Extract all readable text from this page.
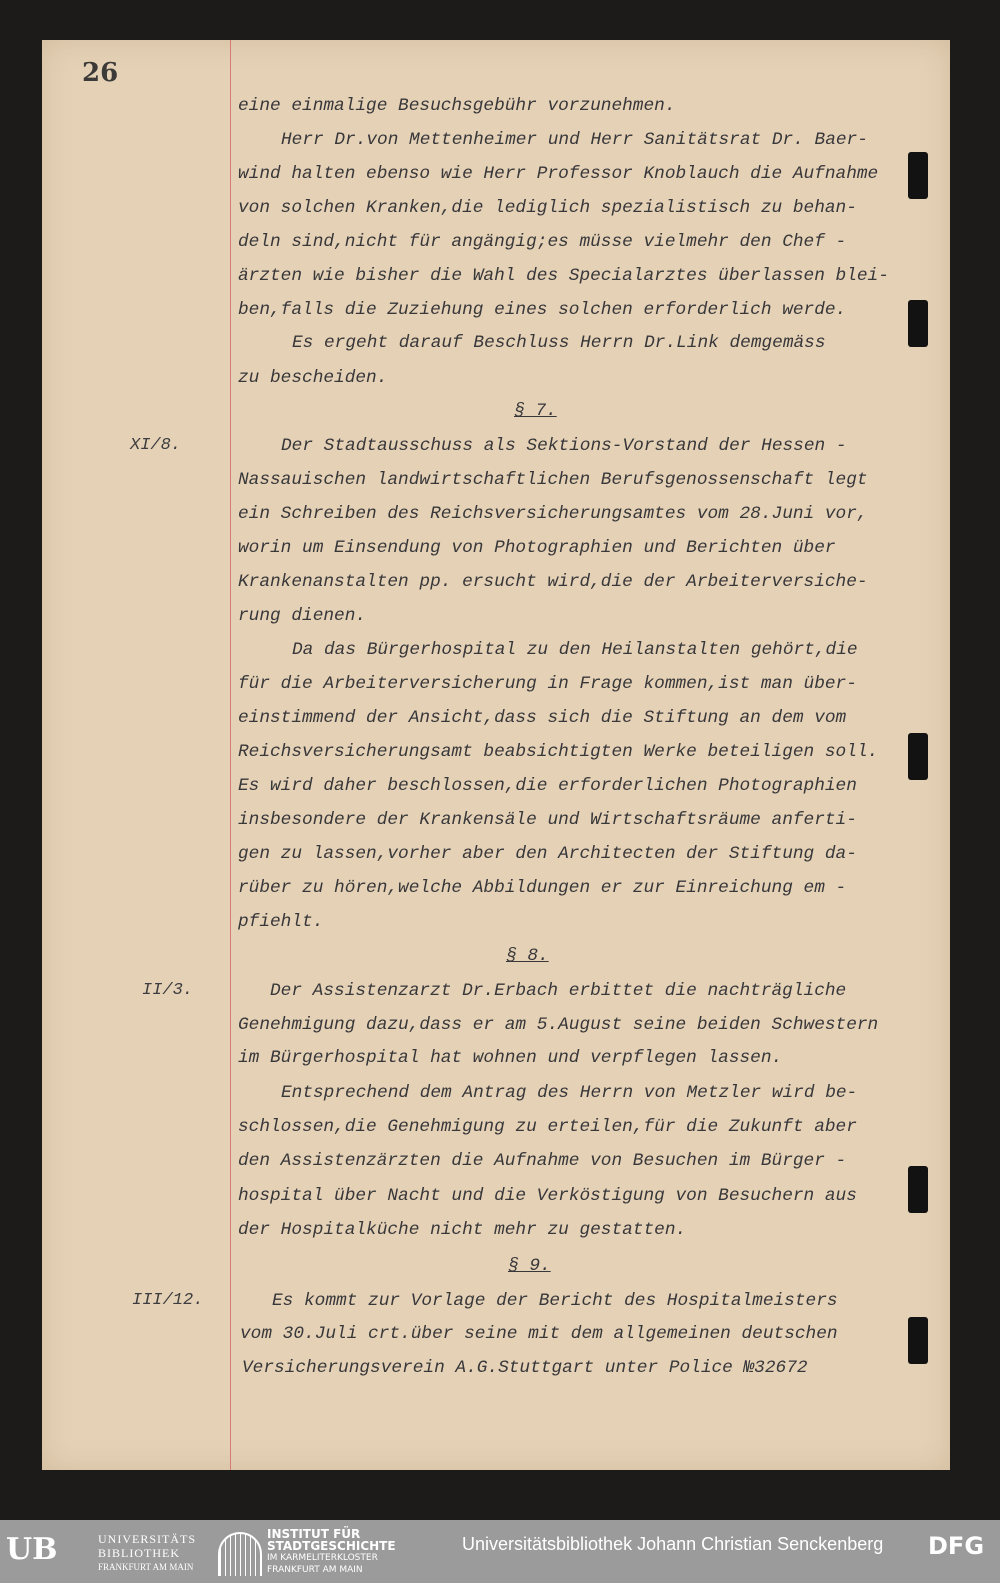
26
eine einmalige Besuchsgebühr vorzunehmen.
Herr Dr.von Mettenheimer und Herr Sanitätsrat Dr. Baer-
wind halten ebenso wie Herr Professor Knoblauch die Aufnahme
von solchen Kranken,die lediglich spezialistisch zu behan-
deln sind,nicht für angängig;es müsse vielmehr den Chef -
ärzten wie bisher die Wahl des Specialarztes überlassen blei-
ben,falls die Zuziehung eines solchen erforderlich werde.
Es ergeht darauf Beschluss Herrn Dr.Link demgemäss
zu bescheiden.
§ 7.
XI/8.	Der Stadtausschuss als Sektions-Vorstand der Hessen -
Nassauischen landwirtschaftlichen Berufsgenossenschaft legt
ein Schreiben des Reichsversicherungsamtes vom 28.Juni vor,
worin um Einsendung von Photographien und Berichten über
Krankenanstalten pp. ersucht wird,die der Arbeiterversiche-
rung dienen.
Da das Bürgerhospital zu den Heilanstalten gehört,die
für die Arbeiterversicherung in Frage kommen,ist man über-
einstimmend der Ansicht,dass sich die Stiftung an dem vom
Reichsversicherungsamt beabsichtigten Werke beteiligen soll.
Es wird daher beschlossen,die erforderlichen Photographien
insbesondere der Krankensäle und Wirtschaftsräume anferti-
gen zu lassen,vorher aber den Architecten der Stiftung da-
rüber zu hören,welche Abbildungen er zur Einreichung em -
pfiehlt.
§ 8.
II/3.	Der Assistenzarzt Dr.Erbach erbittet die nachträgliche
Genehmigung dazu,dass er am 5.August seine beiden Schwestern
im Bürgerhospital hat wohnen und verpflegen lassen.
Entsprechend dem Antrag des Herrn von Metzler wird be-
schlossen,die Genehmigung zu erteilen,für die Zukunft aber
den Assistenzärzten die Aufnahme von Besuchen im Bürger -
hospital über Nacht und die Verköstigung von Besuchern aus
der Hospitalküche nicht mehr zu gestatten.
§ 9.
III/12.	Es kommt zur Vorlage der Bericht des Hospitalmeisters
vom 30.Juli crt.über seine mit dem allgemeinen deutschen
Versicherungsverein A.G.Stuttgart unter Police №32672
UB	UNIVERSITÄTS
BIBLIOTHEK
FRANKFURT AM MAIN
INSTITUT FÜR
STADTGESCHICHTE
IM KARMELITERKLOSTER
FRANKFURT AM MAIN
Universitätsbibliothek Johann Christian Senckenberg DFG
